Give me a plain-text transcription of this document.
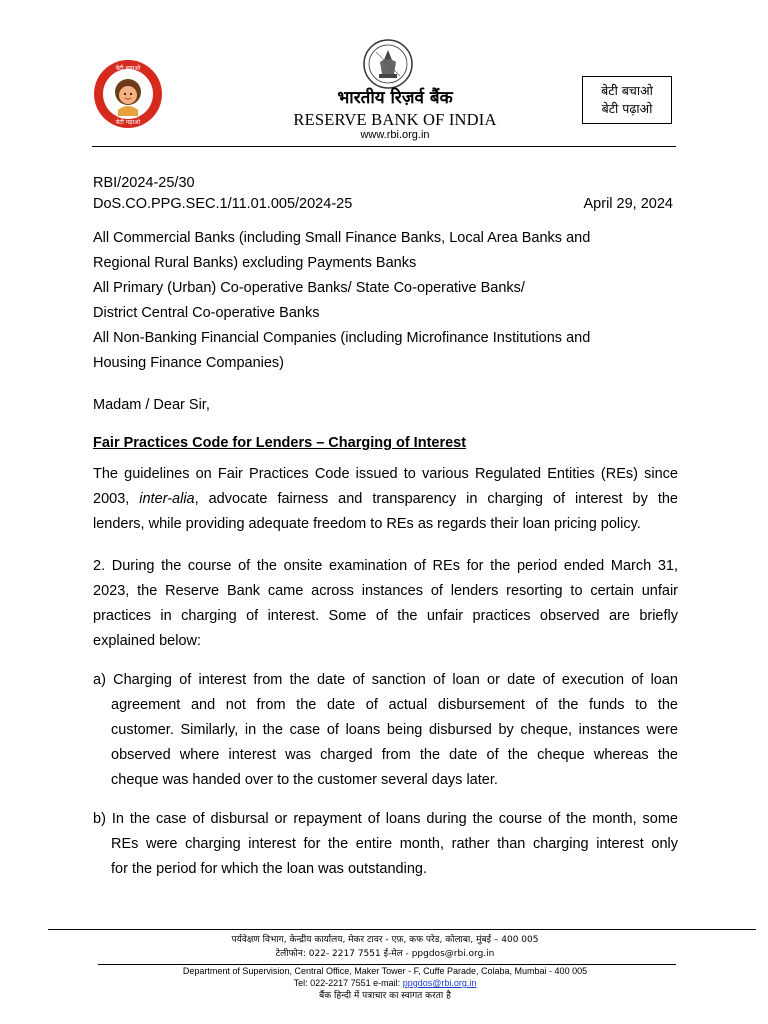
बेटी बचाओ
बेटी पढ़ाओ
भारतीय रिज़र्व बैंक
RESERVE BANK OF INDIA
www.rbi.org.in
बेटी बचाओ
बेटी पढ़ाओ
RBI/2024-25/30
DoS.CO.PPG.SEC.1/11.01.005/2024-25	April 29, 2024
All Commercial Banks (including Small Finance Banks, Local Area Banks and
Regional Rural Banks) excluding Payments Banks
All Primary (Urban) Co-operative Banks/ State Co-operative Banks/
District Central Co-operative Banks
All Non-Banking Financial Companies (including Microfinance Institutions and
Housing Finance Companies)
Madam / Dear Sir,
Fair Practices Code for Lenders – Charging of Interest
The guidelines on Fair Practices Code issued to various Regulated Entities (REs) since
2003, inter-alia, advocate fairness and transparency in charging of interest by the
lenders, while providing adequate freedom to REs as regards their loan pricing policy.
2. During the course of the onsite examination of REs for the period ended March 31,
2023, the Reserve Bank came across instances of lenders resorting to certain unfair
practices in charging of interest. Some of the unfair practices observed are briefly
explained below:
a) Charging of interest from the date of sanction of loan or date of execution of loan
agreement and not from the date of actual disbursement of the funds to the
customer. Similarly, in the case of loans being disbursed by cheque, instances were
observed where interest was charged from the date of the cheque whereas the
cheque was handed over to the customer several days later.
b) In the case of disbursal or repayment of loans during the course of the month, some
REs were charging interest for the entire month, rather than charging interest only
for the period for which the loan was outstanding.
पर्यवेक्षण विभाग, केन्द्रीय कार्यालय, मेकर टावर - एफ़, कफ परेड, कोलाबा, मुंबई – 400 005
टेलीफोन: 022- 2217 7551 ई-मेल - ppgdos@rbi.org.in
Department of Supervision, Central Office, Maker Tower - F, Cuffe Parade, Colaba, Mumbai - 400 005
Tel: 022-2217 7551 e-mail: ppgdos@rbi.org.in
बैंक हिन्दी में पत्राचार का स्वागत करता है
